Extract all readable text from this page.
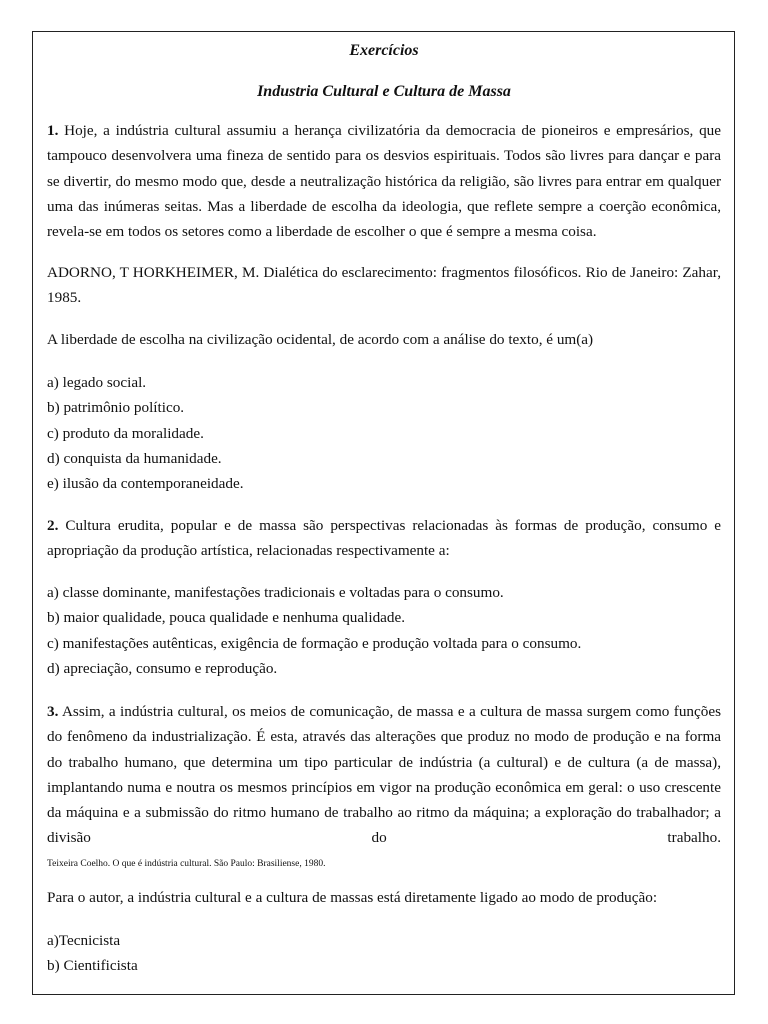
Exercícios
Industria Cultural e Cultura de Massa

1. Hoje, a indústria cultural assumiu a herança civilizatória da democracia de pioneiros e empresários, que tampouco desenvolvera uma fineza de sentido para os desvios espirituais. Todos são livres para dançar e para se divertir, do mesmo modo que, desde a neutralização histórica da religião, são livres para entrar em qualquer uma das inúmeras seitas. Mas a liberdade de escolha da ideologia, que reflete sempre a coerção econômica, revela-se em todos os setores como a liberdade de escolher o que é sempre a mesma coisa.

ADORNO, T HORKHEIMER, M. Dialética do esclarecimento: fragmentos filosóficos. Rio de Janeiro: Zahar, 1985.

A liberdade de escolha na civilização ocidental, de acordo com a análise do texto, é um(a)

a) legado social.

b) patrimônio político.

c) produto da moralidade.

d) conquista da humanidade.

e) ilusão da contemporaneidade.

2. Cultura erudita, popular e de massa são perspectivas relacionadas às formas de produção, consumo e apropriação da produção artística, relacionadas respectivamente a:

a) classe dominante, manifestações tradicionais e voltadas para o consumo.

b) maior qualidade, pouca qualidade e nenhuma qualidade.

c) manifestações autênticas, exigência de formação e produção voltada para o consumo.

d) apreciação, consumo e reprodução.

3. Assim, a indústria cultural, os meios de comunicação, de massa e a cultura de massa surgem como funções do fenômeno da industrialização. É esta, através das alterações que produz no modo de produção e na forma do trabalho humano, que determina um tipo particular de indústria (a cultural) e de cultura (a de massa), implantando numa e noutra os mesmos princípios em vigor na produção econômica em geral: o uso crescente da máquina e a submissão do ritmo humano de trabalho ao ritmo da máquina; a exploração do trabalhador; a divisão do trabalho.

Teixeira Coelho. O que é indústria cultural. São Paulo: Brasiliense, 1980.

Para o autor, a indústria cultural e a cultura de massas está diretamente ligado ao modo de produção:

a)Tecnicista

b) Cientificista
